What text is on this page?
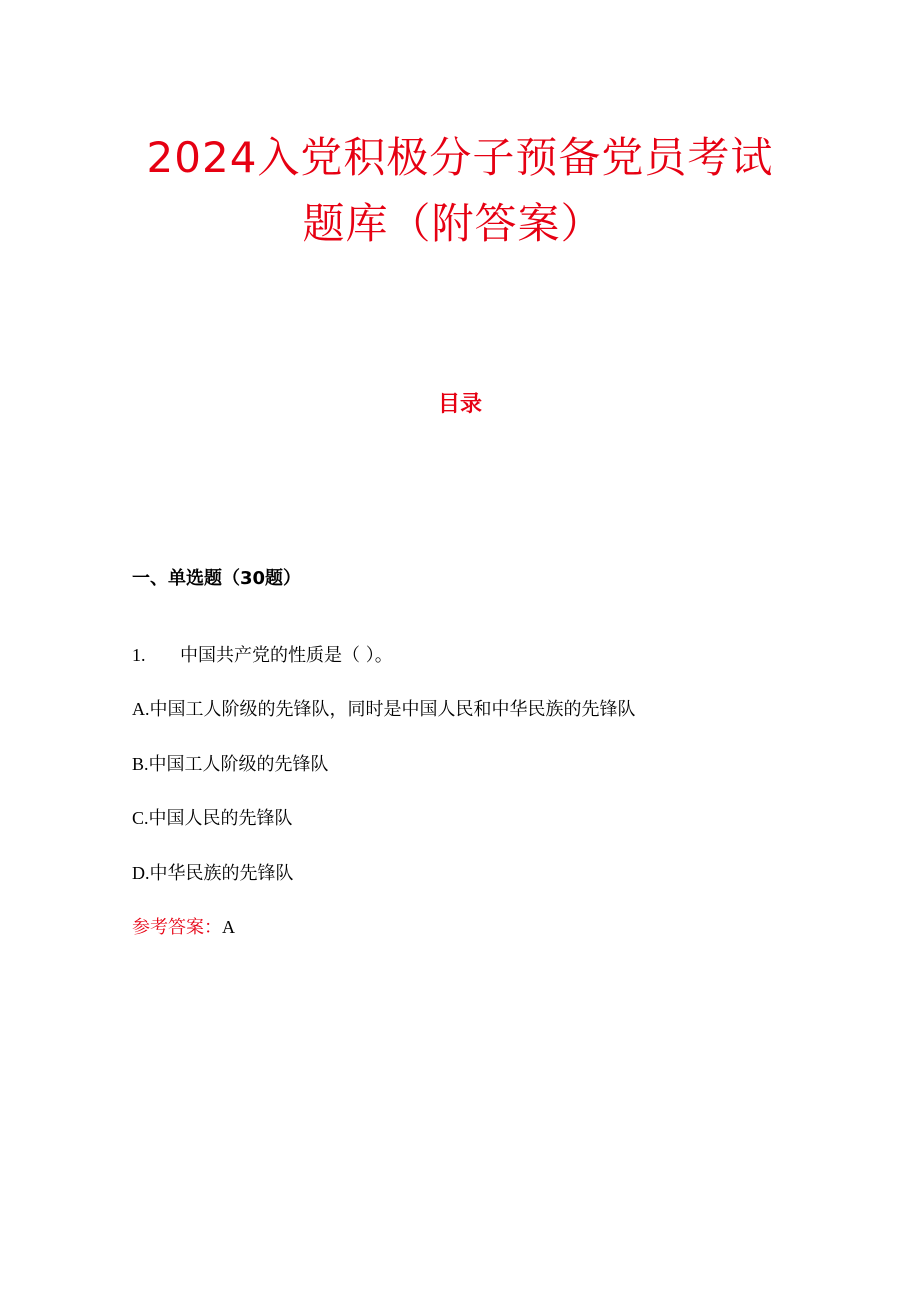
2024入党积极分子预备党员考试
题库（附答案）
目录
一、单选题（30题）
1. 中国共产党的性质是（ ）。
A.中国工人阶级的先锋队，同时是中国人民和中华民族的先锋队
B.中国工人阶级的先锋队
C.中国人民的先锋队
D.中华民族的先锋队
参考答案：A
